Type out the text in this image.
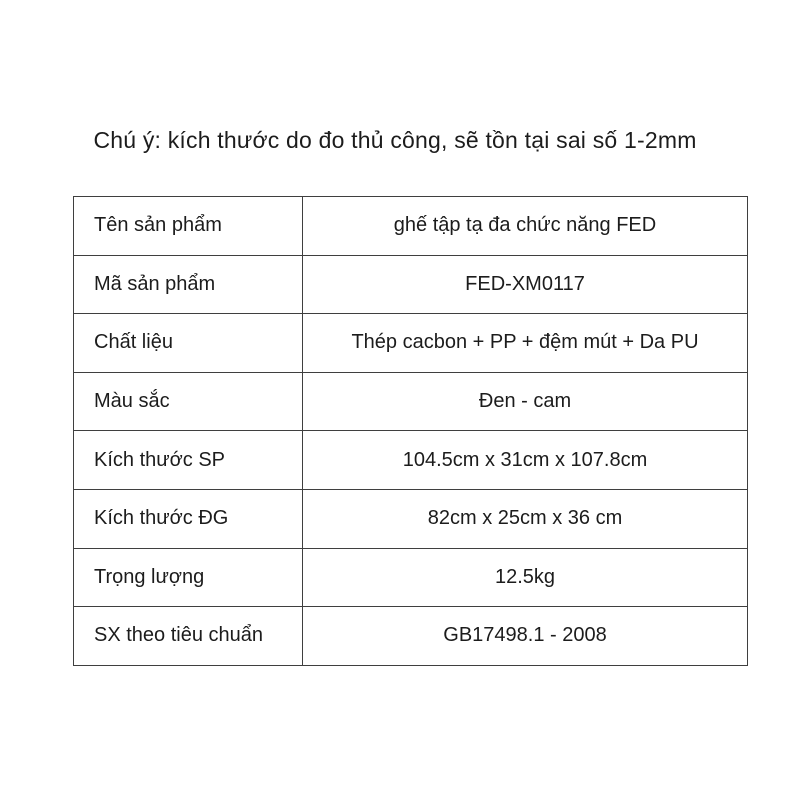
Chú ý: kích thước do đo thủ công, sẽ tồn tại sai số 1-2mm
Tên sản phẩm	ghế tập tạ đa chức năng FED
Mã sản phẩm	FED-XM0117
Chất liệu	Thép cacbon + PP + đệm mút + Da PU
Màu sắc	Đen - cam
Kích thước SP	104.5cm x 31cm x 107.8cm
Kích thước ĐG	82cm x 25cm x 36 cm
Trọng lượng	12.5kg
SX theo tiêu chuẩn	GB17498.1 - 2008
